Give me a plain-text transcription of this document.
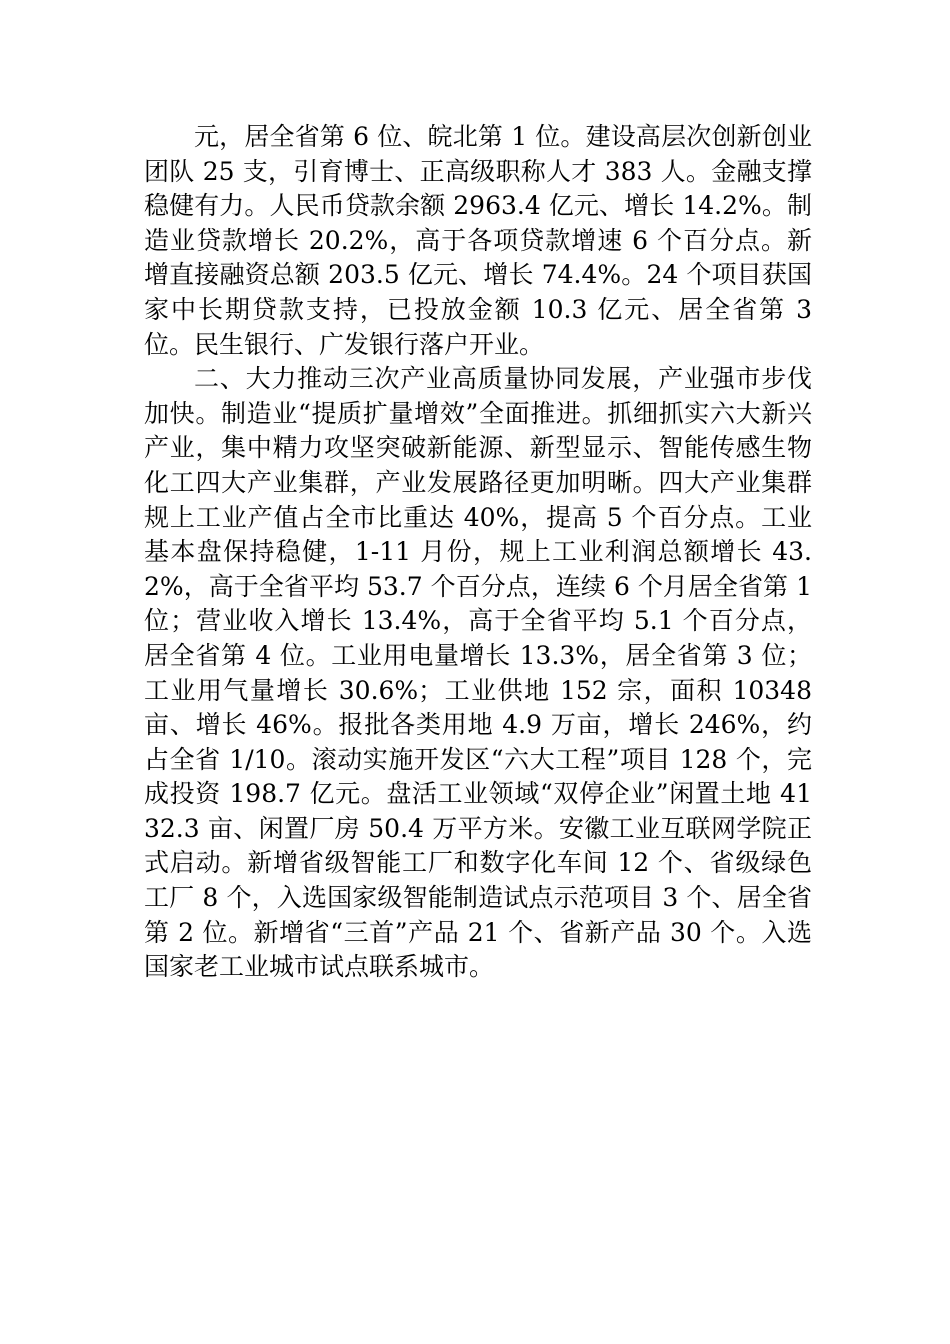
元，居全省第 6 位、皖北第 1 位。建设高层次创新创业团队 25 支，引育博士、正高级职称人才 383 人。金融支撑稳健有力。人民币贷款余额 2963.4 亿元、增长 14.2%。制造业贷款增长 20.2%，高于各项贷款增速 6 个百分点。新增直接融资总额 203.5 亿元、增长 74.4%。24 个项目获国家中长期贷款支持，已投放金额 10.3 亿元、居全省第 3 位。民生银行、广发银行落户开业。

二、大力推动三次产业高质量协同发展，产业强市步伐加快。制造业“提质扩量增效”全面推进。抓细抓实六大新兴产业，集中精力攻坚突破新能源、新型显示、智能传感生物化工四大产业集群，产业发展路径更加明晰。四大产业集群规上工业产值占全市比重达 40%，提高 5 个百分点。工业基本盘保持稳健，1-11 月份，规上工业利润总额增长 43.2%，高于全省平均 53.7 个百分点，连续 6 个月居全省第 1 位；营业收入增长 13.4%，高于全省平均 5.1 个百分点，居全省第 4 位。工业用电量增长 13.3%，居全省第 3 位；工业用气量增长 30.6%；工业供地 152 宗，面积 10348 亩、增长 46%。报批各类用地 4.9 万亩，增长 246%，约占全省 1/10。滚动实施开发区“六大工程”项目 128 个，完成投资 198.7 亿元。盘活工业领域“双停企业”闲置土地 4132.3 亩、闲置厂房 50.4 万平方米。安徽工业互联网学院正式启动。新增省级智能工厂和数字化车间 12 个、省级绿色工厂 8 个，入选国家级智能制造试点示范项目 3 个、居全省第 2 位。新增省“三首”产品 21 个、省新产品 30 个。入选国家老工业城市试点联系城市。
